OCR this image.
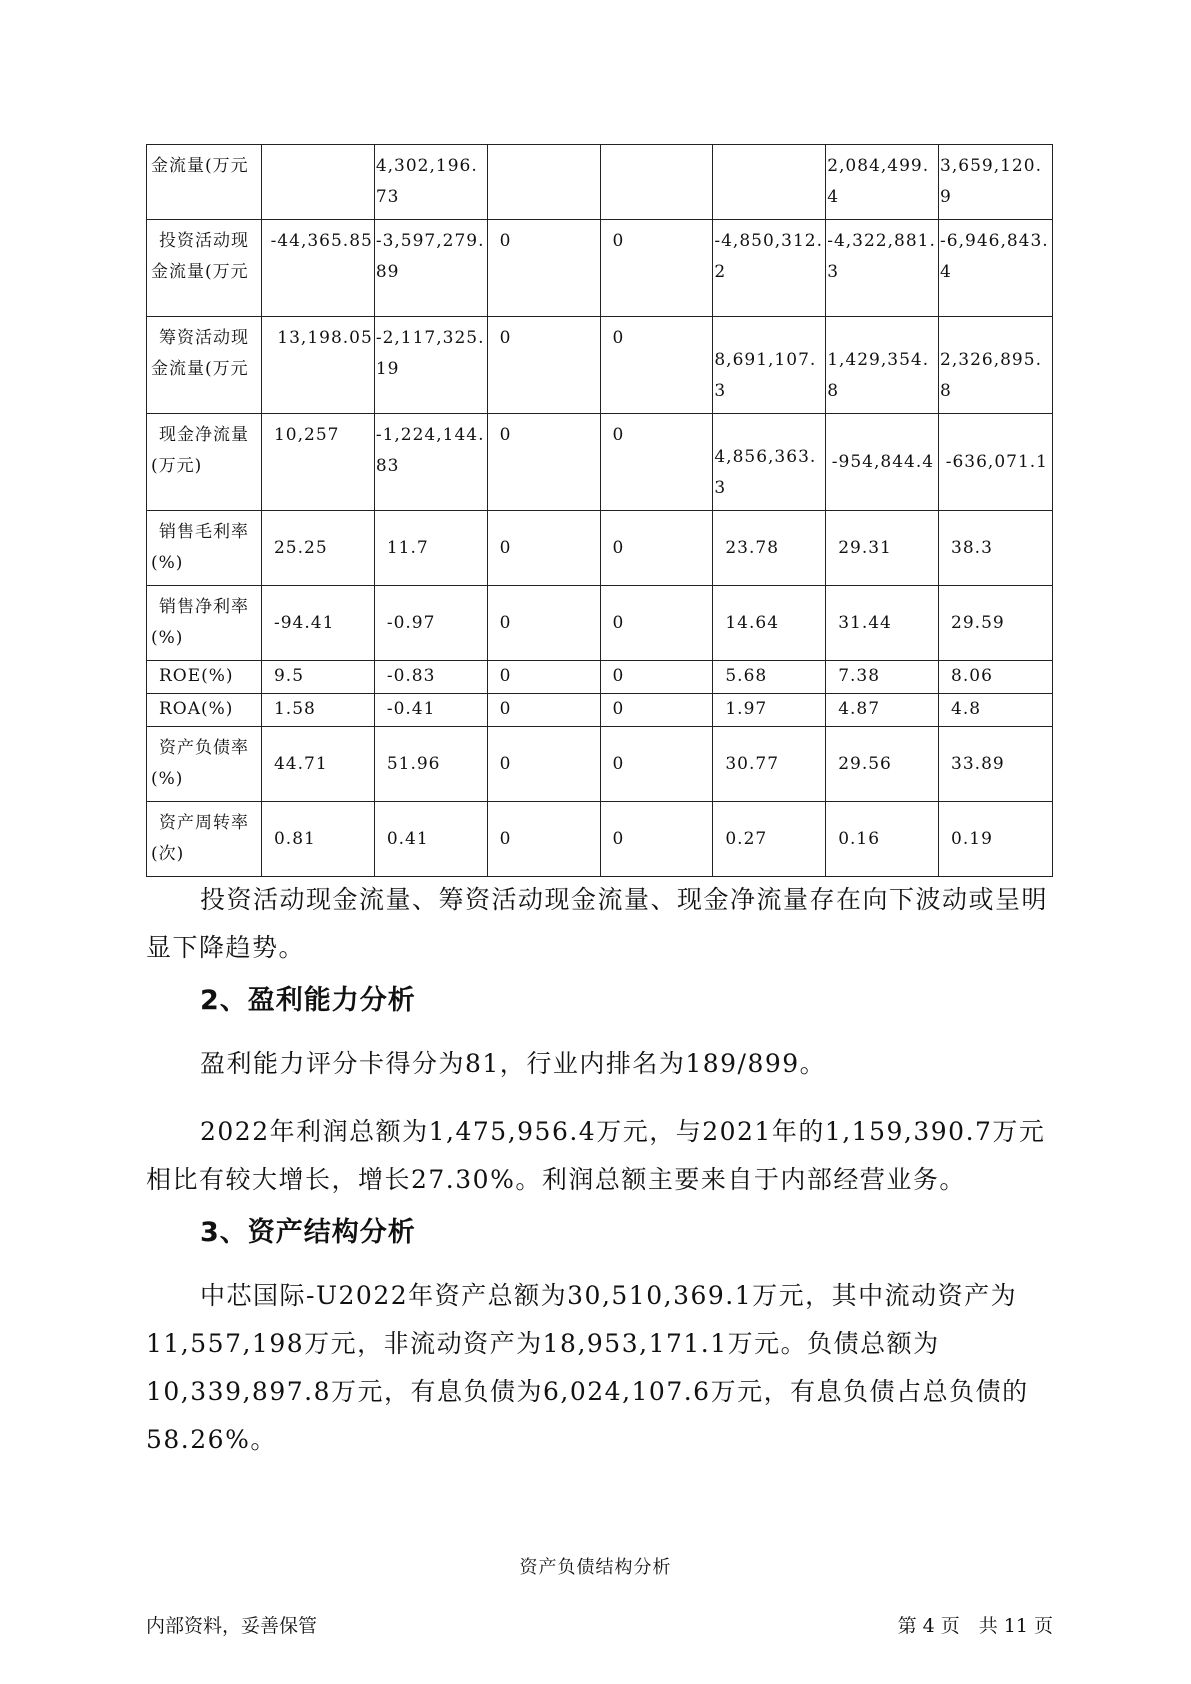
金流量(万元		4,302,196.73				2,084,499.4	3,659,120.9
投资活动现金流量(万元	-44,365.85	-3,597,279.89	0	0	-4,850,312.2	-4,322,881.3	-6,946,843.4
筹资活动现金流量(万元	13,198.05	-2,117,325.19	0	0	8,691,107.3	1,429,354.8	2,326,895.8
现金净流量(万元)	10,257	-1,224,144.83	0	0	4,856,363.3	-954,844.4	-636,071.1
销售毛利率(%)	25.25	11.7	0	0	23.78	29.31	38.3
销售净利率(%)	-94.41	-0.97	0	0	14.64	31.44	29.59
ROE(%)	9.5	-0.83	0	0	5.68	7.38	8.06
ROA(%)	1.58	-0.41	0	0	1.97	4.87	4.8
资产负债率(%)	44.71	51.96	0	0	30.77	29.56	33.89
资产周转率(次)	0.81	0.41	0	0	0.27	0.16	0.19

投资活动现金流量、筹资活动现金流量、现金净流量存在向下波动或呈明显下降趋势。

2、盈利能力分析

盈利能力评分卡得分为81，行业内排名为189/899。

2022年利润总额为1,475,956.4万元，与2021年的1,159,390.7万元相比有较大增长，增长27.30%。利润总额主要来自于内部经营业务。

3、资产结构分析

中芯国际-U2022年资产总额为30,510,369.1万元，其中流动资产为11,557,198万元，非流动资产为18,953,171.1万元。负债总额为10,339,897.8万元，有息负债为6,024,107.6万元，有息负债占总负债的58.26%。

资产负债结构分析
内部资料，妥善保管	第 4 页　共 11 页
